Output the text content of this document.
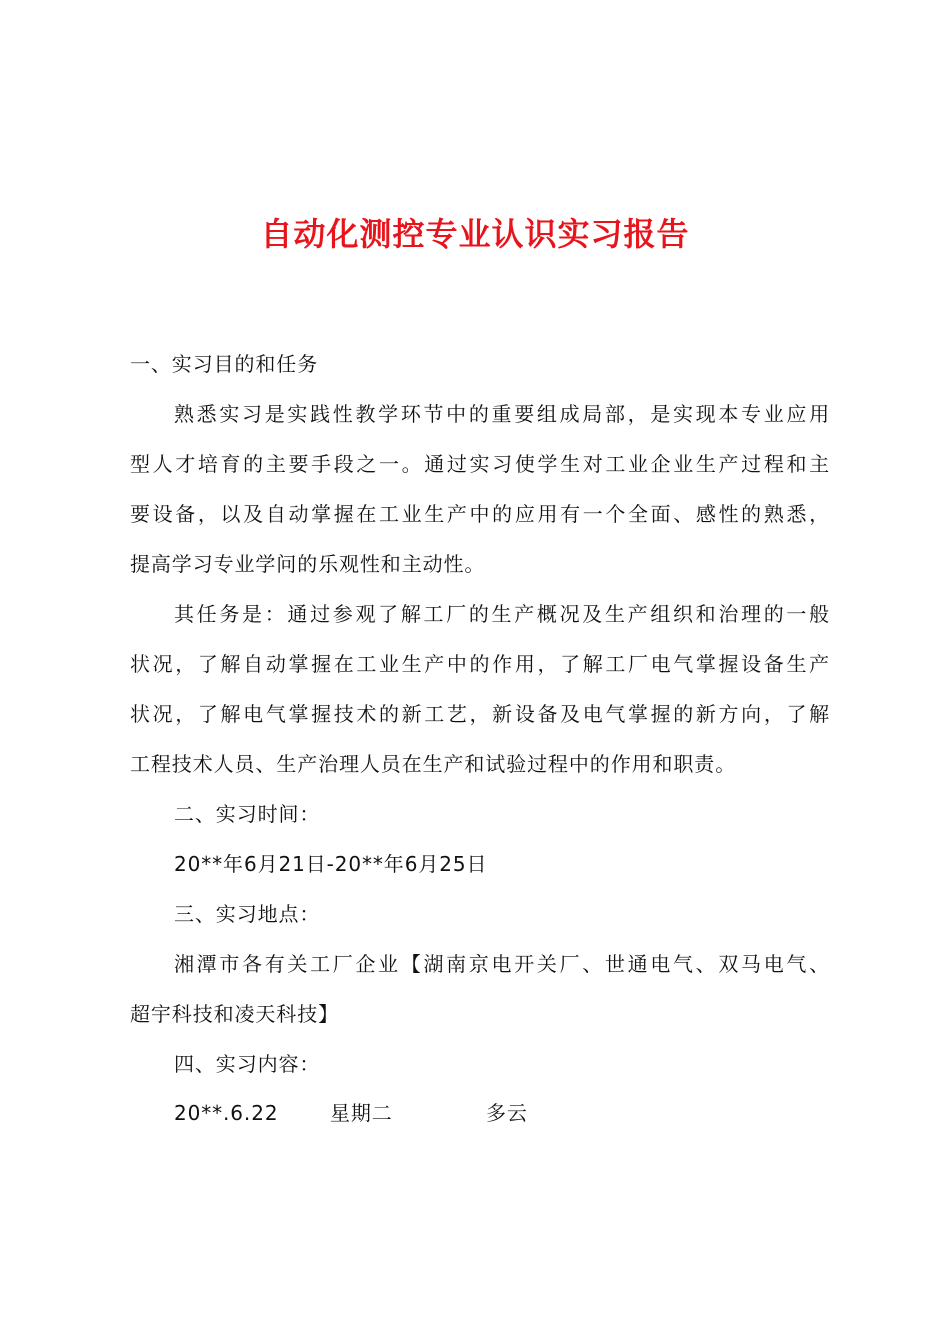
自动化测控专业认识实习报告
一、实习目的和任务
熟悉实习是实践性教学环节中的重要组成局部，是实现本专业应用
型人才培育的主要手段之一。通过实习使学生对工业企业生产过程和主
要设备，以及自动掌握在工业生产中的应用有一个全面、感性的熟悉，
提高学习专业学问的乐观性和主动性。
其任务是：通过参观了解工厂的生产概况及生产组织和治理的一般
状况，了解自动掌握在工业生产中的作用，了解工厂电气掌握设备生产
状况，了解电气掌握技术的新工艺，新设备及电气掌握的新方向，了解
工程技术人员、生产治理人员在生产和试验过程中的作用和职责。
二、实习时间：
20**年6月21日-20**年6月25日
三、实习地点：
湘潭市各有关工厂企业【湖南京电开关厂、世通电气、双马电气、
超宇科技和凌天科技】
四、实习内容：
20**.6.22	星期二	多云
